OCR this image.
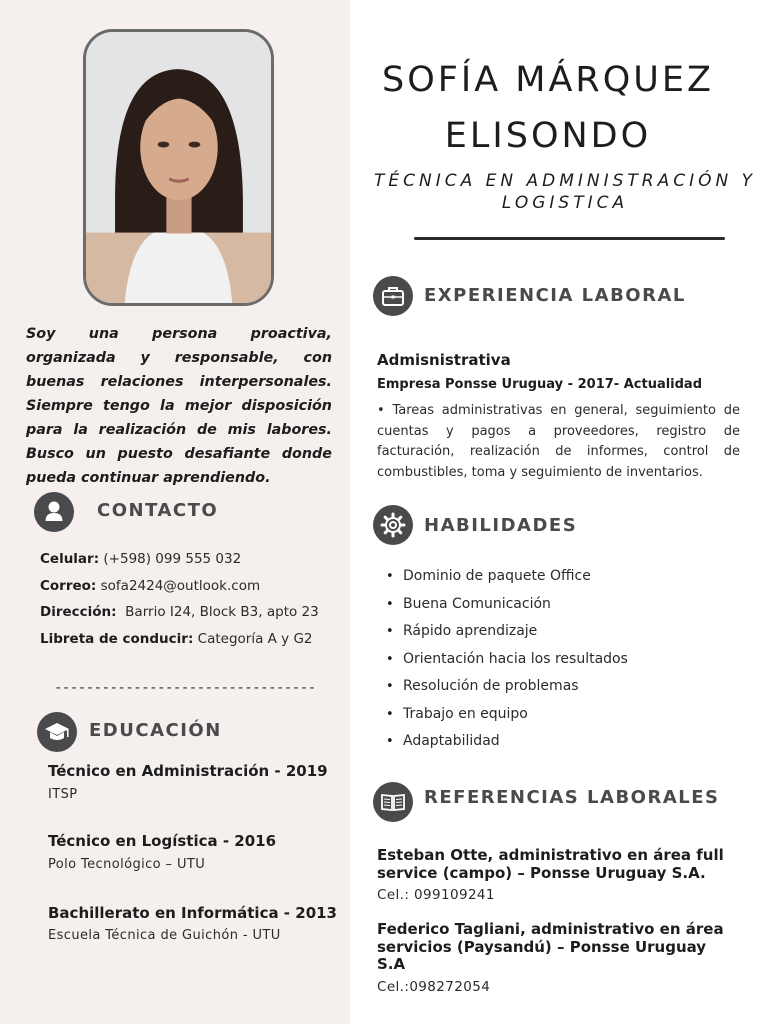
Soy una persona proactiva, organizada y responsable, con buenas relaciones interpersonales. Siempre tengo la mejor disposición para la realización de mis labores. Busco un puesto desafiante donde pueda continuar aprendiendo.

CONTACTO
Celular: (+598) 099 555 032
Correo: sofa2424@outlook.com
Dirección: Barrio I24, Block B3, apto 23
Libreta de conducir: Categoría A y G2
---------------------------------
EDUCACIÓN
Técnico en Administración - 2019
ITSP
Técnico en Logística - 2016
Polo Tecnológico – UTU
Bachillerato en Informática - 2013
Escuela Técnica de Guichón - UTU
SOFÍA MÁRQUEZ
ELISONDO
TÉCNICA EN ADMINISTRACIÓN Y
LOGISTICA
EXPERIENCIA LABORAL
Admisnistrativa
Empresa Ponsse Uruguay - 2017- Actualidad

• Tareas administrativas en general, seguimiento de cuentas y pagos a proveedores, registro de facturación, realización de informes, control de combustibles, toma y seguimiento de inventarios.

HABILIDADES
• Dominio de paquete Office
• Buena Comunicación
• Rápido aprendizaje
• Orientación hacia los resultados
• Resolución de problemas
• Trabajo en equipo
• Adaptabilidad
REFERENCIAS LABORALES
Esteban Otte, administrativo en área full service (campo) – Ponsse Uruguay S.A.
Cel.: 099109241
Federico Tagliani, administrativo en área servicios (Paysandú) – Ponsse Uruguay S.A
Cel.:098272054
